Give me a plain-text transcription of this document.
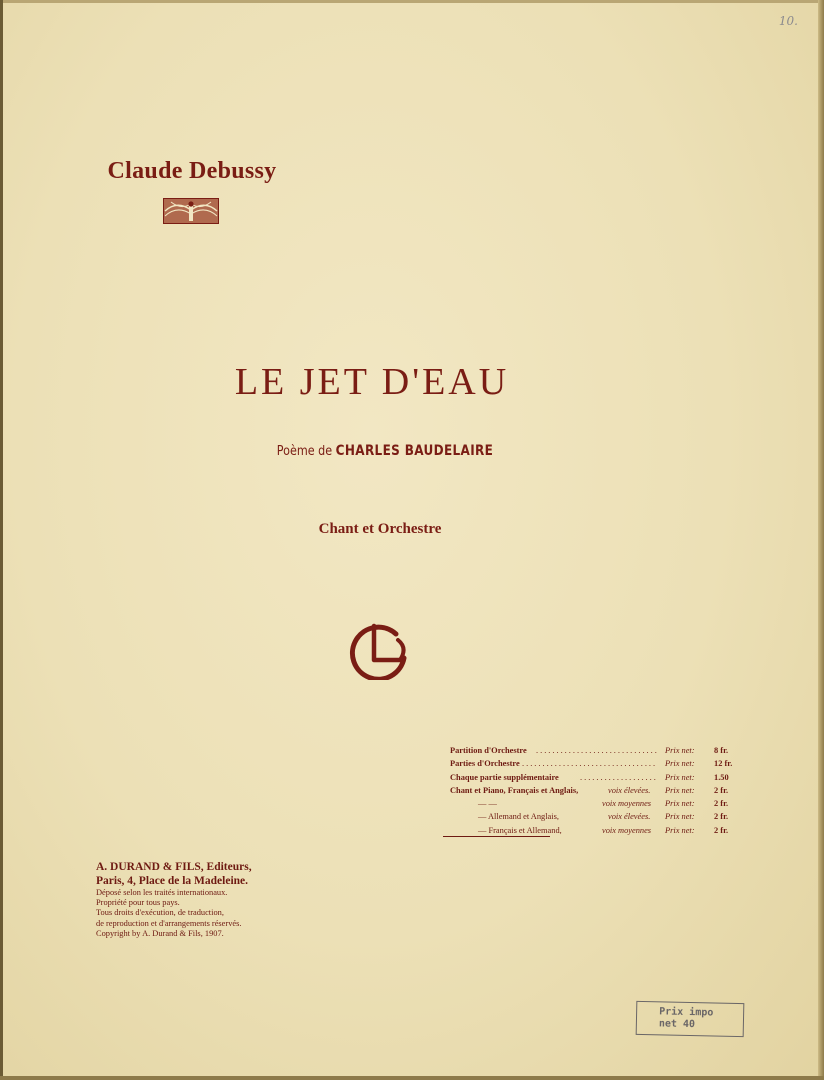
10.
Claude Debussy
LE JET D'EAU
Poème de CHARLES BAUDELAIRE
Chant et Orchestre
Partition d'Orchestre .............................. Prix net: 8 fr.
Parties d'Orchestre ................................. Prix net: 12 fr.
Chaque partie supplémentaire	................... Prix net: 1.50
Chant et Piano, Français et Anglais,	voix élevées. Prix net: 2 fr.
— —	voix moyennes Prix net: 2 fr.
— Allemand et Anglais,	voix élevées. Prix net: 2 fr.
— Français et Allemand,	voix moyennes Prix net: 2 fr.
A. DURAND & FILS, Editeurs,
Paris, 4, Place de la Madeleine.
Déposé selon les traités internationaux.
Propriété pour tous pays.
Tous droits d'exécution, de traduction,
de reproduction et d'arrangements réservés.
Copyright by A. Durand & Fils, 1907.
Prix impo
net 40
